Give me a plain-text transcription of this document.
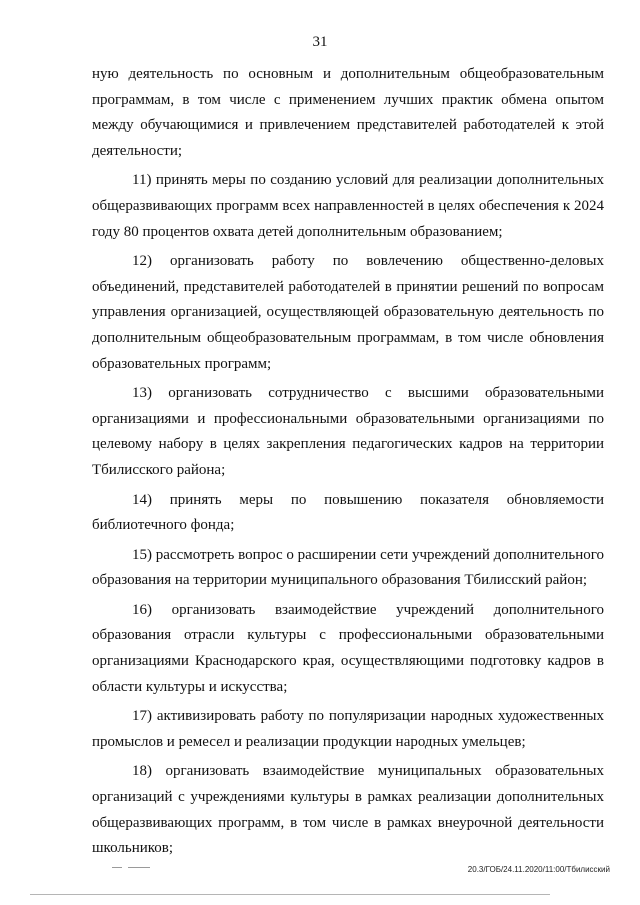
31

ную деятельность по основным и дополнительным общеобразовательным программам, в том числе с применением лучших практик обмена опытом между обучающимися и привлечением представителей работодателей к этой деятельности;

11) принять меры по созданию условий для реализации дополнительных общеразвивающих программ всех направленностей в целях обеспечения к 2024 году 80 процентов охвата детей дополнительным образованием;

12) организовать работу по вовлечению общественно-деловых объединений, представителей работодателей в принятии решений по вопросам управления организацией, осуществляющей образовательную деятельность по дополнительным общеобразовательным программам, в том числе обновления образовательных программ;

13) организовать сотрудничество с высшими образовательными организациями и профессиональными образовательными организациями по целевому набору в целях закрепления педагогических кадров на территории Тбилисского района;

14) принять меры по повышению показателя обновляемости библиотечного фонда;

15) рассмотреть вопрос о расширении сети учреждений дополнительного образования на территории муниципального образования Тбилисский район;

16) организовать взаимодействие учреждений дополнительного образования отрасли культуры с профессиональными образовательными организациями Краснодарского края, осуществляющими подготовку кадров в области культуры и искусства;

17) активизировать работу по популяризации народных художественных промыслов и ремесел и реализации продукции народных умельцев;

18) организовать взаимодействие муниципальных образовательных организаций с учреждениями культуры в рамках реализации дополнительных общеразвивающих программ, в том числе в рамках внеурочной деятельности школьников;

20.3/ГОБ/24.11.2020/11:00/Тбилисский
